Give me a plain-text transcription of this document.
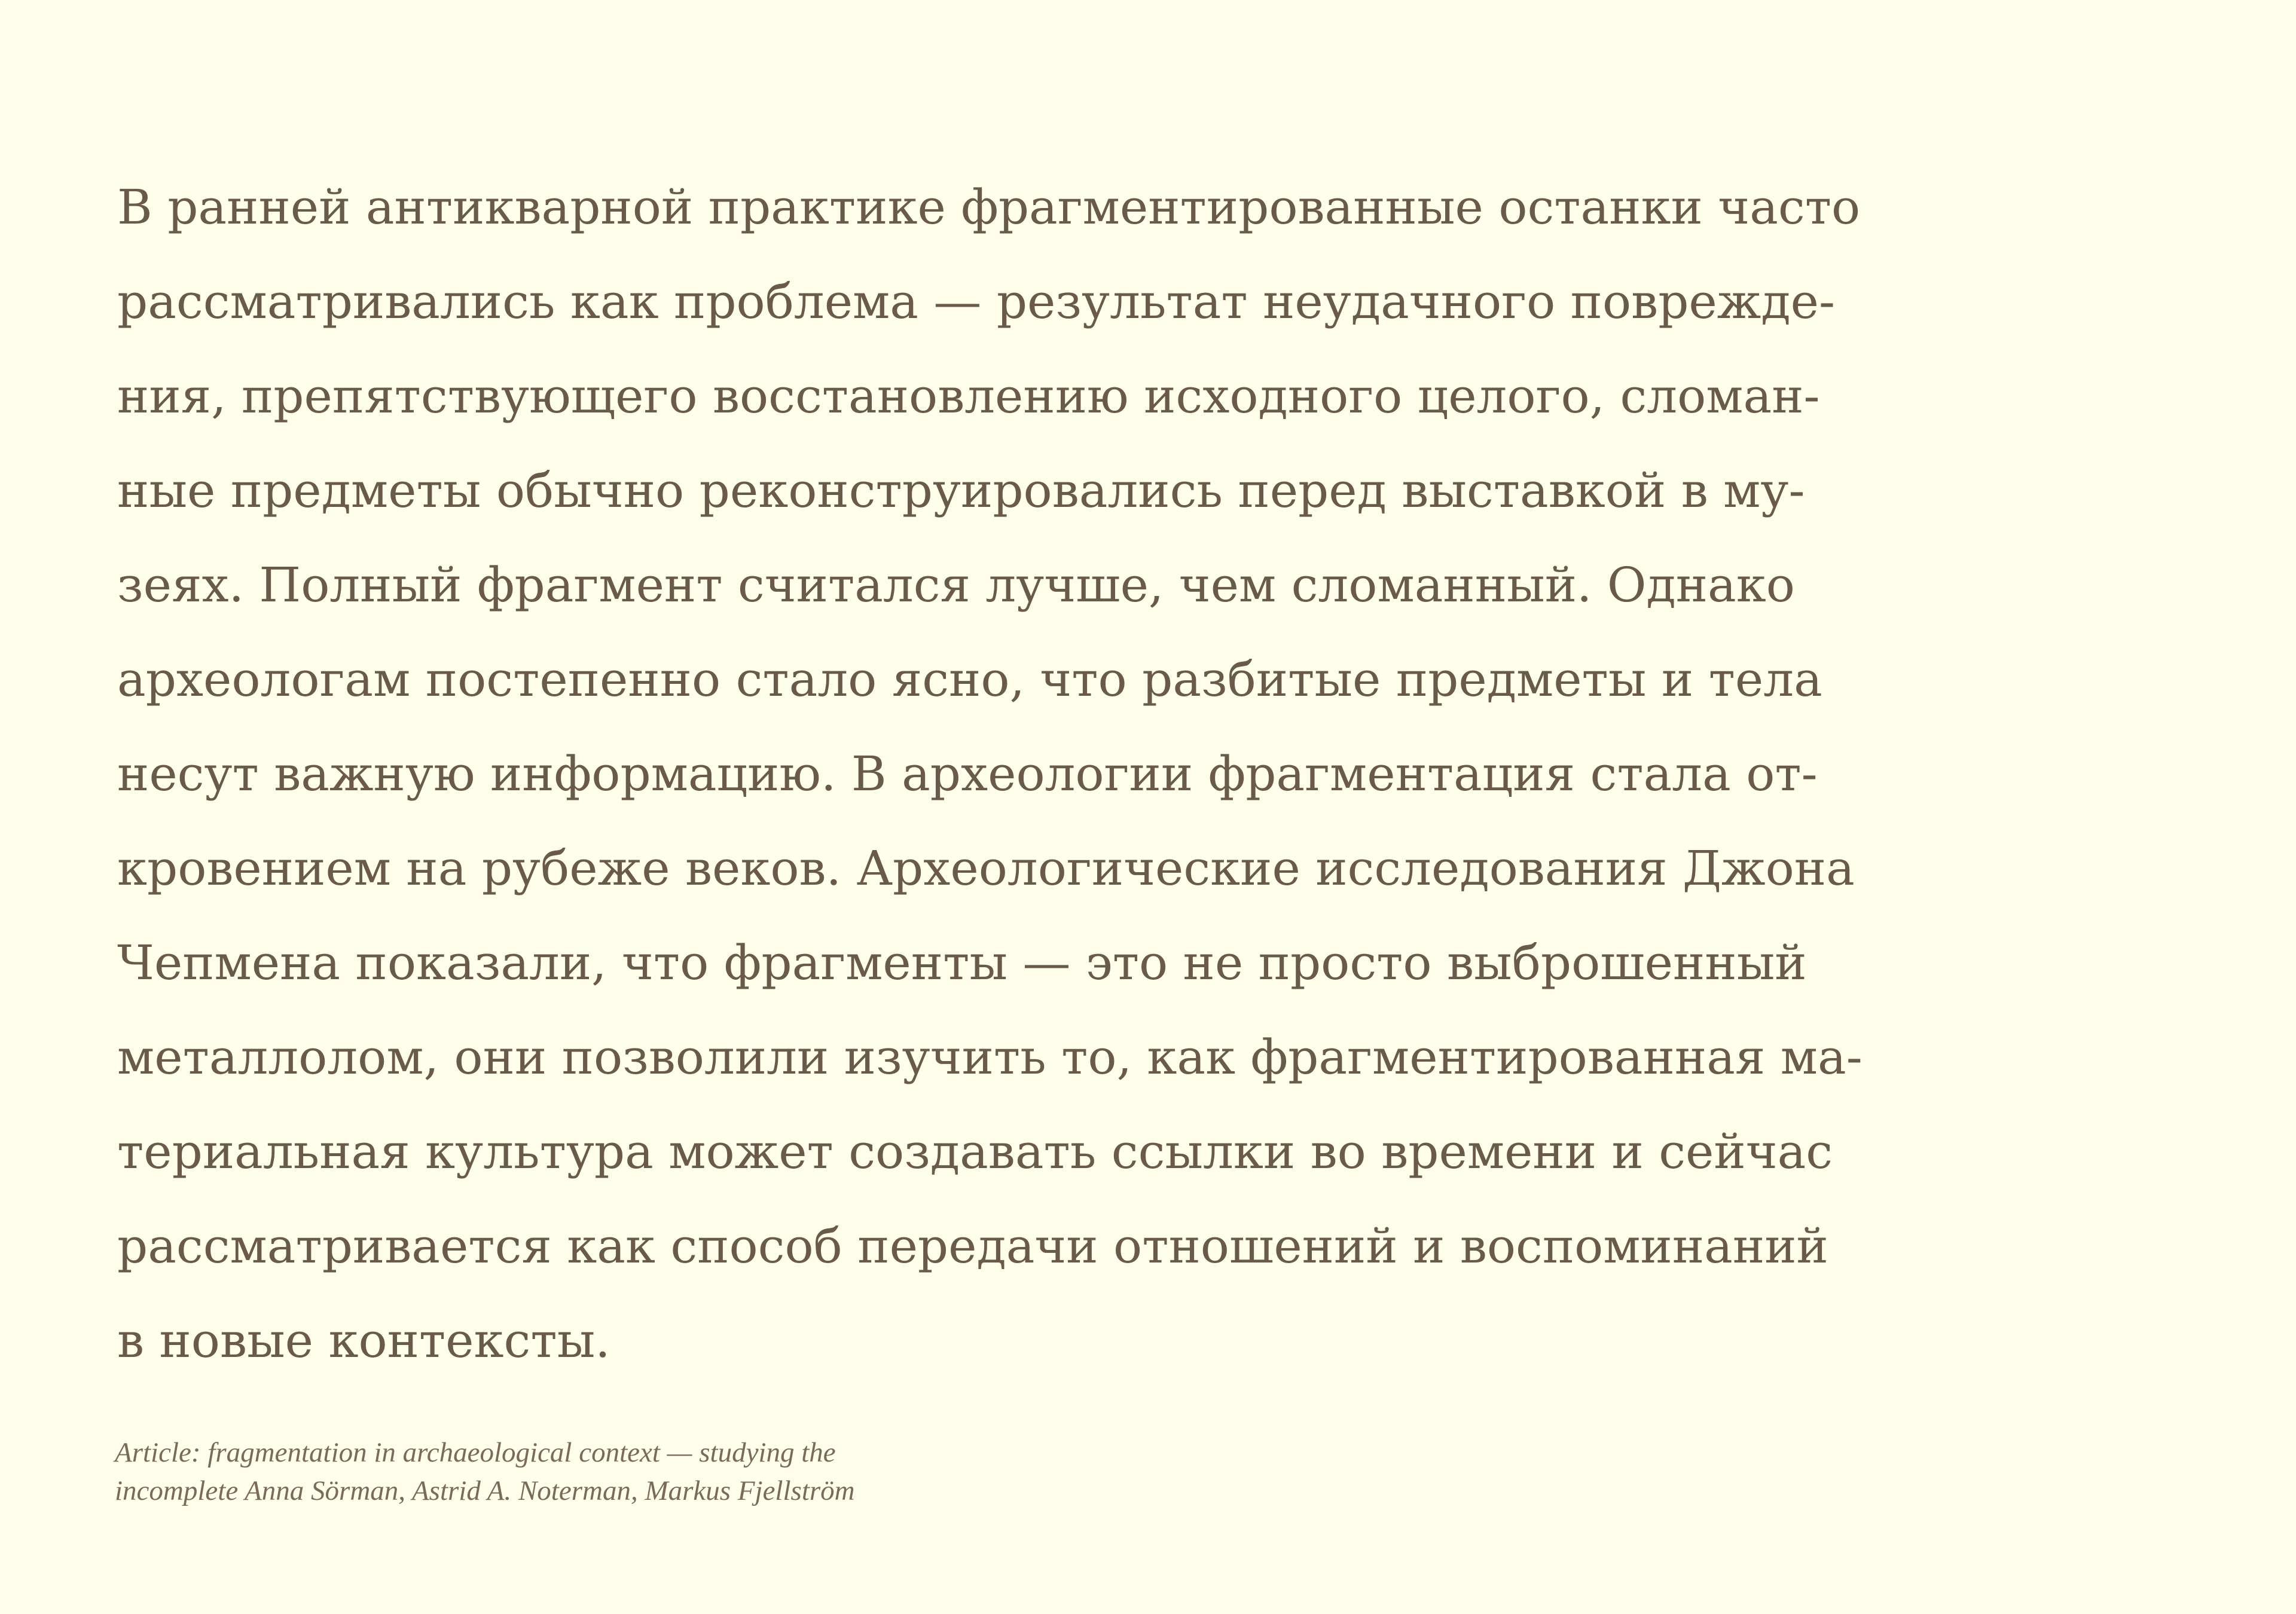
В ранней антикварной практике фрагментированные останки часто
рассматривались как проблема — результат неудачного поврежде-
ния, препятствующего восстановлению исходного целого, сломан-
ные предметы обычно реконструировались перед выставкой в му-
зеях. Полный фрагмент считался лучше, чем сломанный. Однако
археологам постепенно стало ясно, что разбитые предметы и тела
несут важную информацию. В археологии фрагментация стала от-
кровением на рубеже веков. Археологические исследования Джона
Чепмена показали, что фрагменты — это не просто выброшенный
металлолом, они позволили изучить то, как фрагментированная ма-
териальная культура может создавать ссылки во времени и сейчас
рассматривается как способ передачи отношений и воспоминаний
в новые контексты.
Article: fragmentation in archaeological context — studying the
incomplete Anna Sörman, Astrid A. Noterman, Markus Fjellström
